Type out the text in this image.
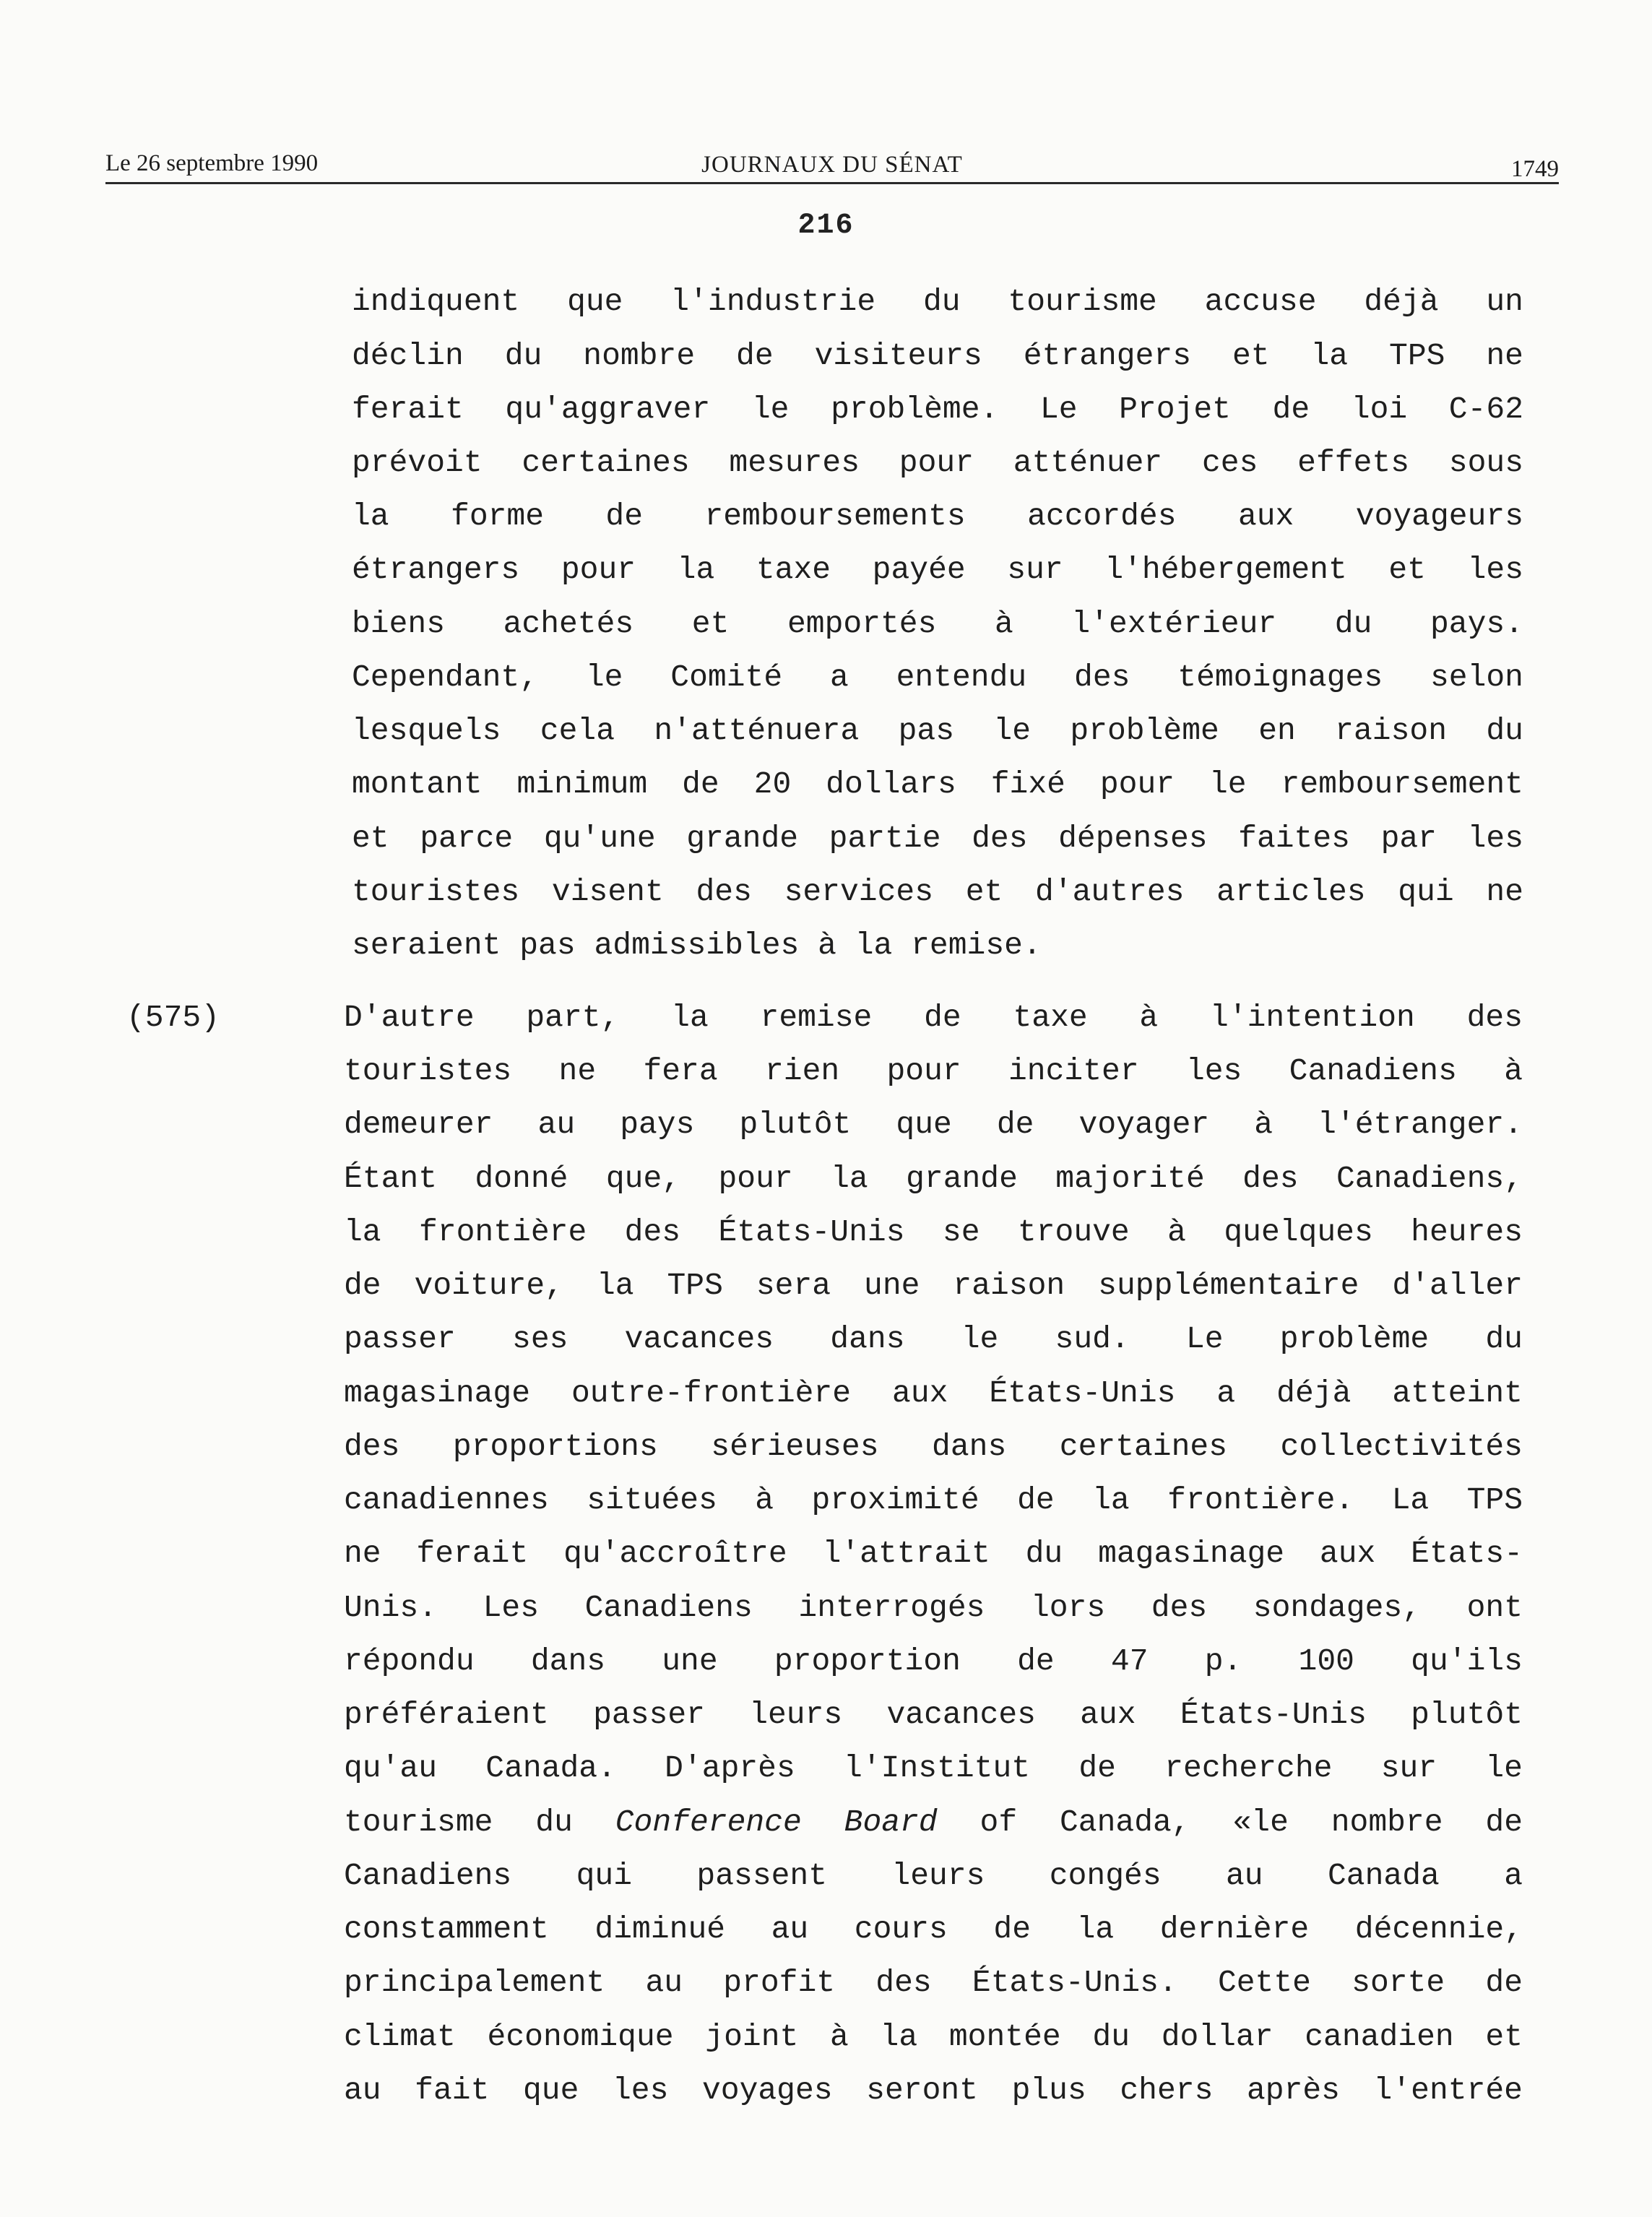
Le 26 septembre 1990	JOURNAUX DU SÉNAT	1749
216
indiquent que l'industrie du tourisme accuse déjà un
déclin du nombre de visiteurs étrangers et la TPS ne
ferait qu'aggraver le problème. Le Projet de loi C-62
prévoit certaines mesures pour atténuer ces effets sous
la forme de remboursements accordés aux voyageurs
étrangers pour la taxe payée sur l'hébergement et les
biens achetés et emportés à l'extérieur du pays.
Cependant, le Comité a entendu des témoignages selon
lesquels cela n'atténuera pas le problème en raison du
montant minimum de 20 dollars fixé pour le remboursement
et parce qu'une grande partie des dépenses faites par les
touristes visent des services et d'autres articles qui ne
seraient pas admissibles à la remise.
(575)	D'autre part, la remise de taxe à l'intention des
touristes ne fera rien pour inciter les Canadiens à
demeurer au pays plutôt que de voyager à l'étranger.
Étant donné que, pour la grande majorité des Canadiens,
la frontière des États-Unis se trouve à quelques heures
de voiture, la TPS sera une raison supplémentaire d'aller
passer ses vacances dans le sud. Le problème du
magasinage outre-frontière aux États-Unis a déjà atteint
des proportions sérieuses dans certaines collectivités
canadiennes situées à proximité de la frontière. La TPS
ne ferait qu'accroître l'attrait du magasinage aux États-
Unis. Les Canadiens interrogés lors des sondages, ont
répondu dans une proportion de 47 p. 100 qu'ils
préféraient passer leurs vacances aux États-Unis plutôt
qu'au Canada. D'après l'Institut de recherche sur le
tourisme du Conference Board of Canada, «le nombre de
Canadiens qui passent leurs congés au Canada a
constamment diminué au cours de la dernière décennie,
principalement au profit des États-Unis. Cette sorte de
climat économique joint à la montée du dollar canadien et
au fait que les voyages seront plus chers après l'entrée
